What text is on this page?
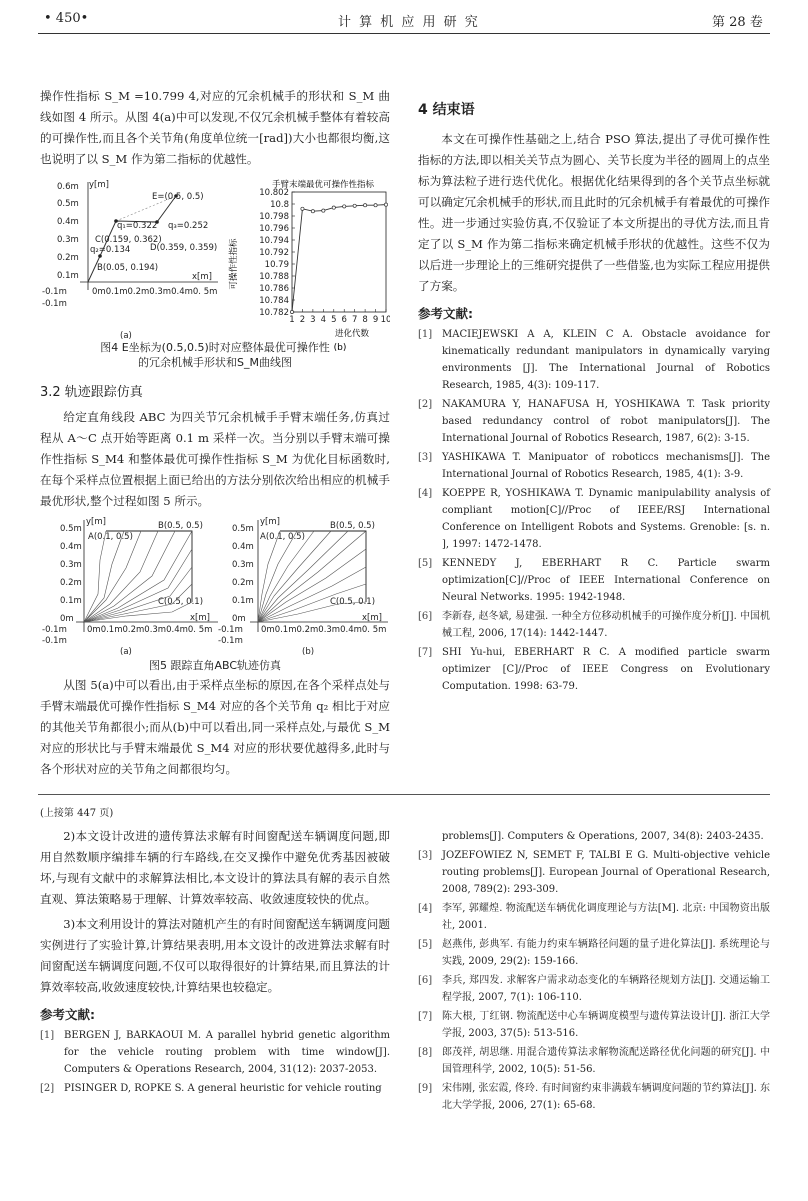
• 450•	计 算 机 应 用 研 究	第 28 卷

操作性指标 S_M =10.799 4,对应的冗余机械手的形状和 S_M 曲线如图 4 所示。从图 4(a)中可以发现,不仅冗余机械手整体有着较高的可操作性,而且各个关节角(角度单位统一[rad])大小也都很均衡,这也说明了以 S_M 作为第二指标的优越性。

y[m]
x[m]
0.6m
0.5m
0.4m
0.3m
0.2m
0.1m
-0.1m
-0.1m
0m0.1m0.2m0.3m0.4m0. 5m
E=(0.5, 0.5)
q₁=0.322 q₃=0.252
C(0.159, 0.362)
D(0.359, 0.359)
q₂=0.134
B(0.05, 0.194)
(a)
手臂末端最优可操作性指标
可操作性指标
进化代数
(b)
10.802
10.8
10.798
10.796
10.794
10.792
10.79
10.788
10.786
10.784
10.782
1 2 3 4 5 6 7 8 9 10
图4 E坐标为(0.5,0.5)时对应整体最优可操作性的冗余机械手形状和S_M曲线图

3.2 轨迹跟踪仿真

给定直角线段 ABC 为四关节冗余机械手手臂末端任务,仿真过程从 A～C 点开始等距离 0.1 m 采样一次。当分别以手臂末端可操作性指标 S_M4 和整体最优可操作性指标 S_M 为优化目标函数时,在每个采样点位置根据上面已给出的方法分别依次给出相应的机械手最优形状,整个过程如图 5 所示。

y[m]
x[m]
0.5m
0.4m
0.3m
0.2m
0.1m
0m
-0.1m
-0.1m
0m0.1m0.2m0.3m0.4m0. 5m
A(0.1, 0.5)
B(0.5, 0.5)
C(0.5, 0.1)
(a)
y[m]
x[m]
0.5m
0.4m
0.3m
0.2m
0.1m
0m
-0.1m
-0.1m
0m0.1m0.2m0.3m0.4m0. 5m
A(0.1, 0.5)
B(0.5, 0.5)
C(0.5, 0.1)
(b)
图5 跟踪直角ABC轨迹仿真

从图 5(a)中可以看出,由于采样点坐标的原因,在各个采样点处与手臂末端最优可操作性指标 S_M4 对应的各个关节角 q₂ 相比于对应的其他关节角都很小;而从(b)中可以看出,同一采样点处,与最优 S_M 对应的形状比与手臂末端最优 S_M4 对应的形状要优越得多,此时与各个形状对应的关节角之间都很均匀。

4 结束语

本文在可操作性基础之上,结合 PSO 算法,提出了寻优可操作性指标的方法,即以相关关节点为圆心、关节长度为半径的圆周上的点坐标为算法粒子进行迭代优化。根据优化结果得到的各个关节点坐标就可以确定冗余机械手的形状,而且此时的冗余机械手有着最优的可操作性。进一步通过实验仿真,不仅验证了本文所提出的寻优方法,而且肯定了以 S_M 作为第二指标来确定机械手形状的优越性。这些不仅为以后进一步理论上的三维研究提供了一些借鉴,也为实际工程应用提供了方案。

参考文献:

[1] MACIEJEWSKI A A, KLEIN C A. Obstacle avoidance for kinematically redundant manipulators in dynamically varying environments [J]. The International Journal of Robotics Research, 1985, 4(3): 109-117.
[2] NAKAMURA Y, HANAFUSA H, YOSHIKAWA T. Task priority based redundancy control of robot manipulators[J]. The International Journal of Robotics Research, 1987, 6(2): 3-15.
[3] YASHIKAWA T. Manipuator of roboticcs mechanisms[J]. The International Journal of Robotics Research, 1985, 4(1): 3-9.
[4] KOEPPE R, YOSHIKAWA T. Dynamic manipulability analysis of compliant motion[C]//Proc of IEEE/RSJ International Conference on Intelligent Robots and Systems. Grenoble: [s. n. ], 1997: 1472-1478.
[5] KENNEDY J, EBERHART R C. Particle swarm optimization[C]//Proc of IEEE International Conference on Neural Networks. 1995: 1942-1948.
[6] 李新春, 赵冬斌, 易建强. 一种全方位移动机械手的可操作度分析[J]. 中国机械工程, 2006, 17(14): 1442-1447.
[7] SHI Yu-hui, EBERHART R C. A modified particle swarm optimizer [C]//Proc of IEEE Congress on Evolutionary Computation. 1998: 63-79.

(上接第 447 页)

2)本文设计改进的遗传算法求解有时间窗配送车辆调度问题,即用自然数顺序编排车辆的行车路线,在交叉操作中避免优秀基因被破坏,与现有文献中的求解算法相比,本文设计的算法具有解的表示自然直观、算法策略易于理解、计算效率较高、收敛速度较快的优点。

3)本文利用设计的算法对随机产生的有时间窗配送车辆调度问题实例进行了实验计算,计算结果表明,用本文设计的改进算法求解有时间窗配送车辆调度问题,不仅可以取得很好的计算结果,而且算法的计算效率较高,收敛速度较快,计算结果也较稳定。

参考文献:

[1] BERGEN J, BARKAOUI M. A parallel hybrid genetic algorithm for the vehicle routing problem with time window[J]. Computers & Operations Research, 2004, 31(12): 2037-2053.
[2] PISINGER D, ROPKE S. A general heuristic for vehicle routing
problems[J]. Computers & Operations, 2007, 34(8): 2403-2435.
[3] JOZEFOWIEZ N, SEMET F, TALBI E G. Multi-objective vehicle routing problems[J]. European Journal of Operational Research, 2008, 789(2): 293-309.
[4] 李军, 郭耀煌. 物流配送车辆优化调度理论与方法[M]. 北京: 中国物资出版社, 2001.
[5] 赵燕伟, 彭典军. 有能力约束车辆路径问题的量子进化算法[J]. 系统理论与实践, 2009, 29(2): 159-166.
[6] 李兵, 郑四发. 求解客户需求动态变化的车辆路径规划方法[J]. 交通运输工程学报, 2007, 7(1): 106-110.
[7] 陈大根, 丁红钢. 物流配送中心车辆调度模型与遗传算法设计[J]. 浙江大学学报, 2003, 37(5): 513-516.
[8] 郎茂祥, 胡思继. 用混合遗传算法求解物流配送路径优化问题的研究[J]. 中国管理科学, 2002, 10(5): 51-56.
[9] 宋伟刚, 张宏霞, 佟玲. 有时间窗约束非满载车辆调度问题的节约算法[J]. 东北大学学报, 2006, 27(1): 65-68.
